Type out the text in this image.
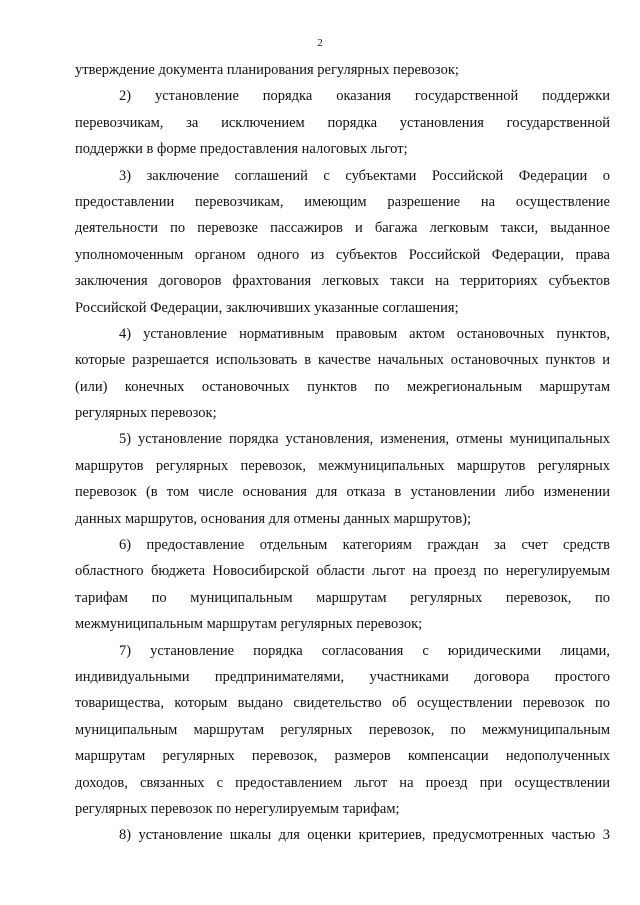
2
утверждение документа планирования регулярных перевозок;
2) установление порядка оказания государственной поддержки
перевозчикам, за исключением порядка установления государственной
поддержки в форме предоставления налоговых льгот;
3) заключение соглашений с субъектами Российской Федерации о
предоставлении перевозчикам, имеющим разрешение на осуществление
деятельности по перевозке пассажиров и багажа легковым такси, выданное
уполномоченным органом одного из субъектов Российской Федерации, права
заключения договоров фрахтования легковых такси на территориях субъектов
Российской Федерации, заключивших указанные соглашения;
4) установление нормативным правовым актом остановочных пунктов,
которые разрешается использовать в качестве начальных остановочных пунктов и
(или) конечных остановочных пунктов по межрегиональным маршрутам
регулярных перевозок;
5) установление порядка установления, изменения, отмены муниципальных
маршрутов регулярных перевозок, межмуниципальных маршрутов регулярных
перевозок (в том числе основания для отказа в установлении либо изменении
данных маршрутов, основания для отмены данных маршрутов);
6) предоставление отдельным категориям граждан за счет средств
областного бюджета Новосибирской области льгот на проезд по нерегулируемым
тарифам по муниципальным маршрутам регулярных перевозок, по
межмуниципальным маршрутам регулярных перевозок;
7) установление порядка согласования с юридическими лицами,
индивидуальными предпринимателями, участниками договора простого
товарищества, которым выдано свидетельство об осуществлении перевозок по
муниципальным маршрутам регулярных перевозок, по межмуниципальным
маршрутам регулярных перевозок, размеров компенсации недополученных
доходов, связанных с предоставлением льгот на проезд при осуществлении
регулярных перевозок по нерегулируемым тарифам;
8) установление шкалы для оценки критериев, предусмотренных частью 3
